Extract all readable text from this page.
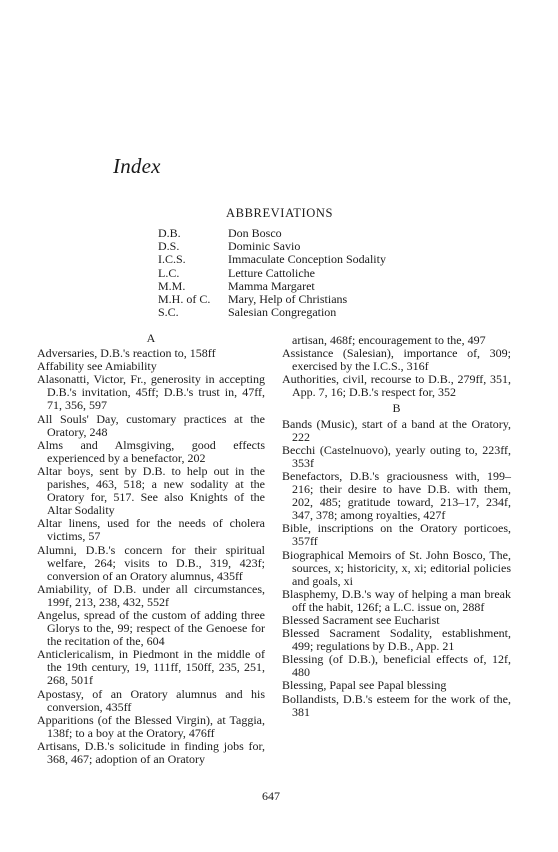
Index
ABBREVIATIONS
D.B.	Don Bosco
D.S.	Dominic Savio
I.C.S.	Immaculate Conception Sodality
L.C.	Letture Cattoliche
M.M.	Mamma Margaret
M.H. of C.	Mary, Help of Christians
S.C.	Salesian Congregation
A
Adversaries, D.B.'s reaction to, 158ff
Affability see Amiability
Alasonatti, Victor, Fr., generosity in accepting D.B.'s invitation, 45ff; D.B.'s trust in, 47ff, 71, 356, 597
All Souls' Day, customary practices at the Oratory, 248
Alms and Almsgiving, good effects experienced by a benefactor, 202
Altar boys, sent by D.B. to help out in the parishes, 463, 518; a new sodality at the Oratory for, 517. See also Knights of the Altar Sodality
Altar linens, used for the needs of cholera victims, 57
Alumni, D.B.'s concern for their spiritual welfare, 264; visits to D.B., 319, 423f; conversion of an Oratory alumnus, 435ff
Amiability, of D.B. under all circumstances, 199f, 213, 238, 432, 552f
Angelus, spread of the custom of adding three Glorys to the, 99; respect of the Genoese for the recitation of the, 604
Anticlericalism, in Piedmont in the middle of the 19th century, 19, 111ff, 150ff, 235, 251, 268, 501f
Apostasy, of an Oratory alumnus and his conversion, 435ff
Apparitions (of the Blessed Virgin), at Taggia, 138f; to a boy at the Oratory, 476ff
Artisans, D.B.'s solicitude in finding jobs for, 368, 467; adoption of an Oratory
artisan, 468f; encouragement to the, 497
Assistance (Salesian), importance of, 309; exercised by the I.C.S., 316f
Authorities, civil, recourse to D.B., 279ff, 351, App. 7, 16; D.B.'s respect for, 352
B
Bands (Music), start of a band at the Oratory, 222
Becchi (Castelnuovo), yearly outing to, 223ff, 353f
Benefactors, D.B.'s graciousness with, 199–216; their desire to have D.B. with them, 202, 485; gratitude toward, 213–17, 234f, 347, 378; among royalties, 427f
Bible, inscriptions on the Oratory porticoes, 357ff
Biographical Memoirs of St. John Bosco, The, sources, x; historicity, x, xi; editorial policies and goals, xi
Blasphemy, D.B.'s way of helping a man break off the habit, 126f; a L.C. issue on, 288f
Blessed Sacrament see Eucharist
Blessed Sacrament Sodality, establishment, 499; regulations by D.B., App. 21
Blessing (of D.B.), beneficial effects of, 12f, 480
Blessing, Papal see Papal blessing
Bollandists, D.B.'s esteem for the work of the, 381
647
